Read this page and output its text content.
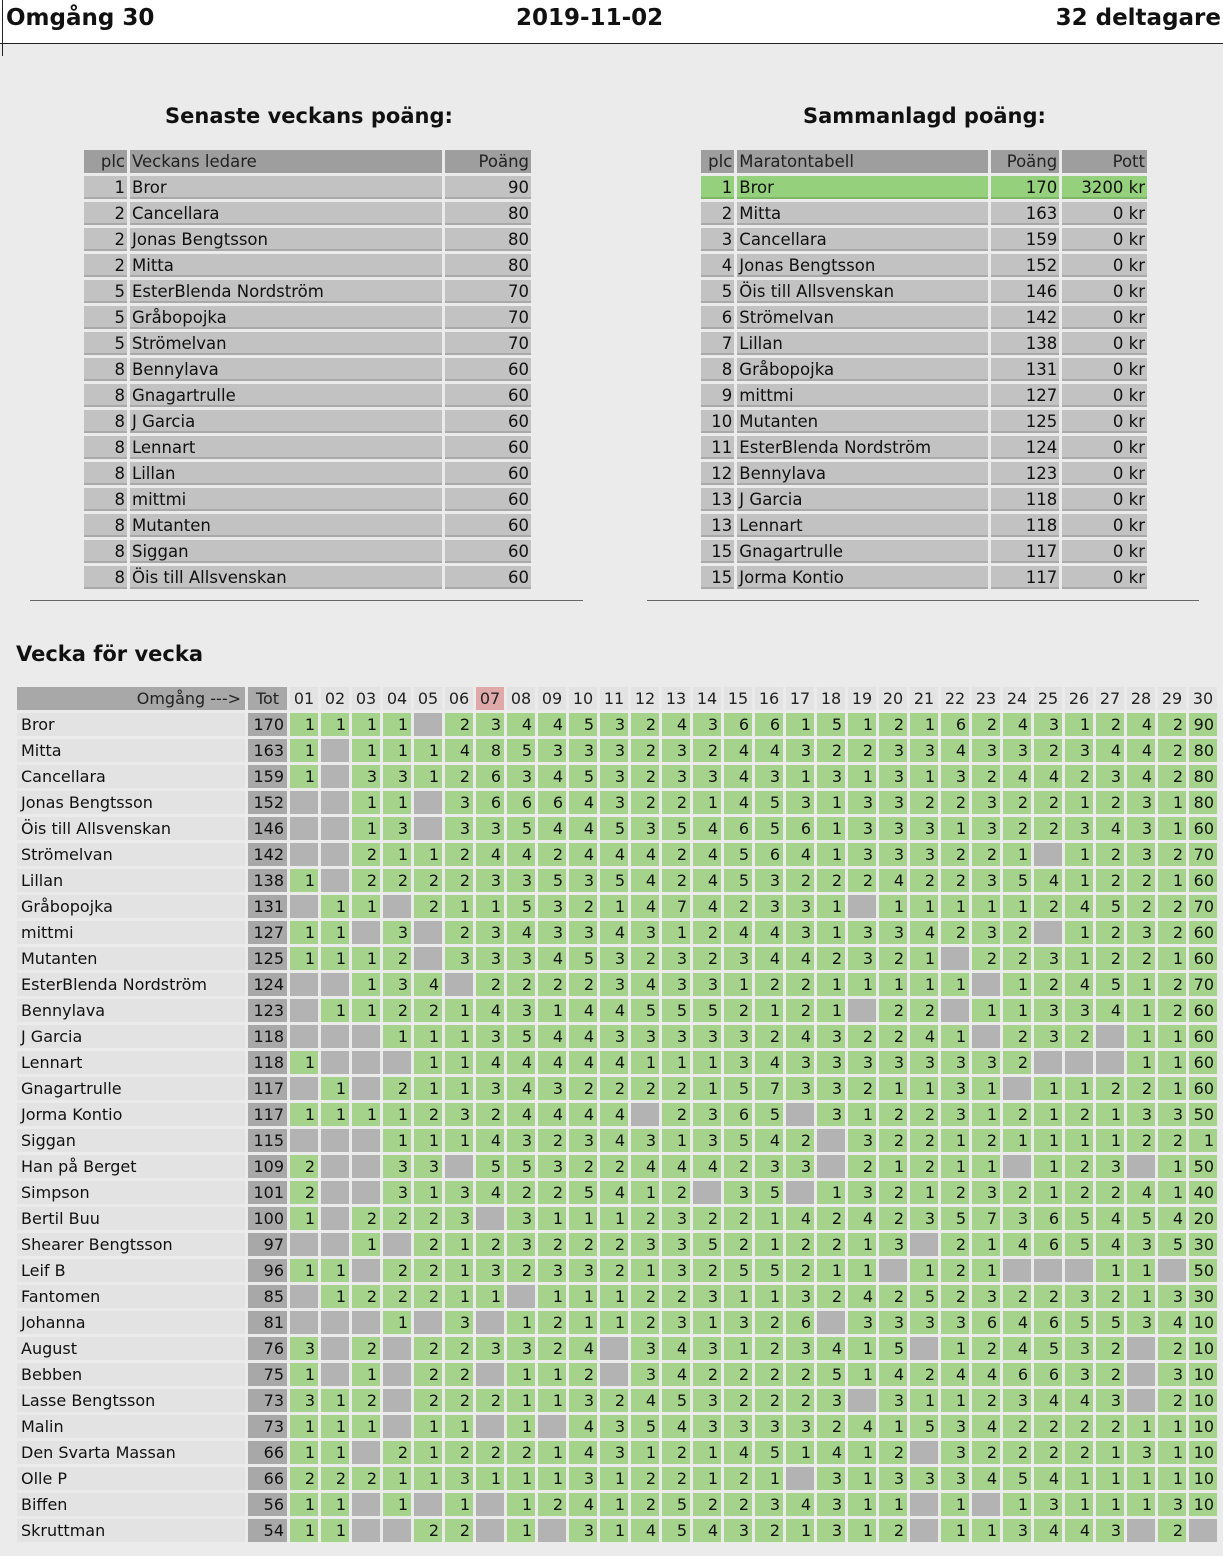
Omgång 30	2019-11-02	32 deltagare
Senaste veckans poäng:	Sammanlagd poäng:
plc	Veckans ledare	Poäng
1	Bror	90
2	Cancellara	80
2	Jonas Bengtsson	80
2	Mitta	80
5	EsterBlenda Nordström	70
5	Gråbopojka	70
5	Strömelvan	70
8	Bennylava	60
8	Gnagartrulle	60
8	J Garcia	60
8	Lennart	60
8	Lillan	60
8	mittmi	60
8	Mutanten	60
8	Siggan	60
8	Öis till Allsvenskan	60
plc	Maratontabell	Poäng	Pott
1	Bror	170	3200 kr
2	Mitta	163	0 kr
3	Cancellara	159	0 kr
4	Jonas Bengtsson	152	0 kr
5	Öis till Allsvenskan	146	0 kr
6	Strömelvan	142	0 kr
7	Lillan	138	0 kr
8	Gråbopojka	131	0 kr
9	mittmi	127	0 kr
10	Mutanten	125	0 kr
11	EsterBlenda Nordström	124	0 kr
12	Bennylava	123	0 kr
13	J Garcia	118	0 kr
13	Lennart	118	0 kr
15	Gnagartrulle	117	0 kr
15	Jorma Kontio	117	0 kr
Vecka för vecka
Omgång --->	Tot	01	02	03	04	05	06	07	08	09	10	11	12	13	14	15	16	17	18	19	20	21	22	23	24	25	26	27	28	29	30	
Bror	170	1	1	1	1		2	3	4	4	5	3	2	4	3	6	6	1	5	1	2	1	6	2	4	3	1	2	4	2	90	
Mitta	163	1		1	1	1	4	8	5	3	3	3	2	3	2	4	4	3	2	2	3	3	4	3	3	2	3	4	4	2	80	
Cancellara	159	1		3	3	1	2	6	3	4	5	3	2	3	3	4	3	1	3	1	3	1	3	2	4	4	2	3	4	2	80	
Jonas Bengtsson	152			1	1		3	6	6	6	4	3	2	2	1	4	5	3	1	3	3	2	2	3	2	2	1	2	3	1	80	
Öis till Allsvenskan	146			1	3		3	3	5	4	4	5	3	5	4	6	5	6	1	3	3	3	1	3	2	2	3	4	3	1	60	
Strömelvan	142			2	1	1	2	4	4	2	4	4	4	2	4	5	6	4	1	3	3	3	2	2	1		1	2	3	2	70	
Lillan	138	1		2	2	2	2	3	3	5	3	5	4	2	4	5	3	2	2	2	4	2	2	3	5	4	1	2	2	1	60	
Gråbopojka	131		1	1		2	1	1	5	3	2	1	4	7	4	2	3	3	1		1	1	1	1	1	2	4	5	2	2	70	
mittmi	127	1	1		3		2	3	4	3	3	4	3	1	2	4	4	3	1	3	3	4	2	3	2		1	2	3	2	60	
Mutanten	125	1	1	1	2		3	3	3	4	5	3	2	3	2	3	4	4	2	3	2	1		2	2	3	1	2	2	1	60	
EsterBlenda Nordström	124			1	3	4		2	2	2	2	3	4	3	3	1	2	2	1	1	1	1	1		1	2	4	5	1	2	70	
Bennylava	123		1	1	2	2	1	4	3	1	4	4	5	5	5	2	1	2	1		2	2		1	1	3	3	4	1	2	60	
J Garcia	118				1	1	1	3	5	4	4	3	3	3	3	3	2	4	3	2	2	4	1		2	3	2		1	1	60	
Lennart	118	1				1	1	4	4	4	4	4	1	1	1	3	4	3	3	3	3	3	3	3	2				1	1	60	
Gnagartrulle	117		1		2	1	1	3	4	3	2	2	2	2	1	5	7	3	3	2	1	1	3	1		1	1	2	2	1	60	
Jorma Kontio	117	1	1	1	1	2	3	2	4	4	4	4		2	3	6	5		3	1	2	2	3	1	2	1	2	1	3	3	50	
Siggan	115				1	1	1	4	3	2	3	4	3	1	3	5	4	2		3	2	2	1	2	1	1	1	1	2	2	1	
Han på Berget	109	2			3	3		5	5	3	2	2	4	4	4	2	3	3		2	1	2	1	1		1	2	3		1	50	
Simpson	101	2			3	1	3	4	2	2	5	4	1	2		3	5		1	3	2	1	2	3	2	1	2	2	4	1	40	
Bertil Buu	100	1		2	2	2	3		3	1	1	1	2	3	2	2	1	4	2	4	2	3	5	7	3	6	5	4	5	4	20	
Shearer Bengtsson	97			1		2	1	2	3	2	2	2	3	3	5	2	1	2	2	1	3		2	1	4	6	5	4	3	5	30	
Leif B	96	1	1		2	2	1	3	2	3	3	2	1	3	2	5	5	2	1	1		1	2	1				1	1		50	
Fantomen	85		1	2	2	2	1	1		1	1	1	2	2	3	1	1	3	2	4	2	5	2	3	2	2	3	2	1	3	30	
Johanna	81				1		3		1	2	1	1	2	3	1	3	2	6		3	3	3	3	6	4	6	5	5	3	4	10	
August	76	3		2		2	2	3	3	2	4		3	4	3	1	2	3	4	1	5		1	2	4	5	3	2		2	10	
Bebben	75	1		1		2	2		1	1	2		3	4	2	2	2	2	5	1	4	2	4	4	6	6	3	2		3	10	
Lasse Bengtsson	73	3	1	2		2	2	2	1	1	3	2	4	5	3	2	2	2	3		3	1	1	2	3	4	4	3		2	10	
Malin	73	1	1	1		1	1		1		4	3	5	4	3	3	3	3	2	4	1	5	3	4	2	2	2	2	1	1	10	
Den Svarta Massan	66	1	1		2	1	2	2	2	1	4	3	1	2	1	4	5	1	4	1	2		3	2	2	2	2	1	3	1	10	
Olle P	66	2	2	2	1	1	3	1	1	1	3	1	2	2	1	2	1		3	1	3	3	3	4	5	4	1	1	1	1	10	
Biffen	56	1	1		1		1		1	2	4	1	2	5	2	2	3	4	3	1	1		1		1	3	1	1	1	3	10	
Skruttman	54	1	1			2	2		1		3	1	4	5	4	3	2	1	3	1	2		1	1	3	4	4	3		2		
